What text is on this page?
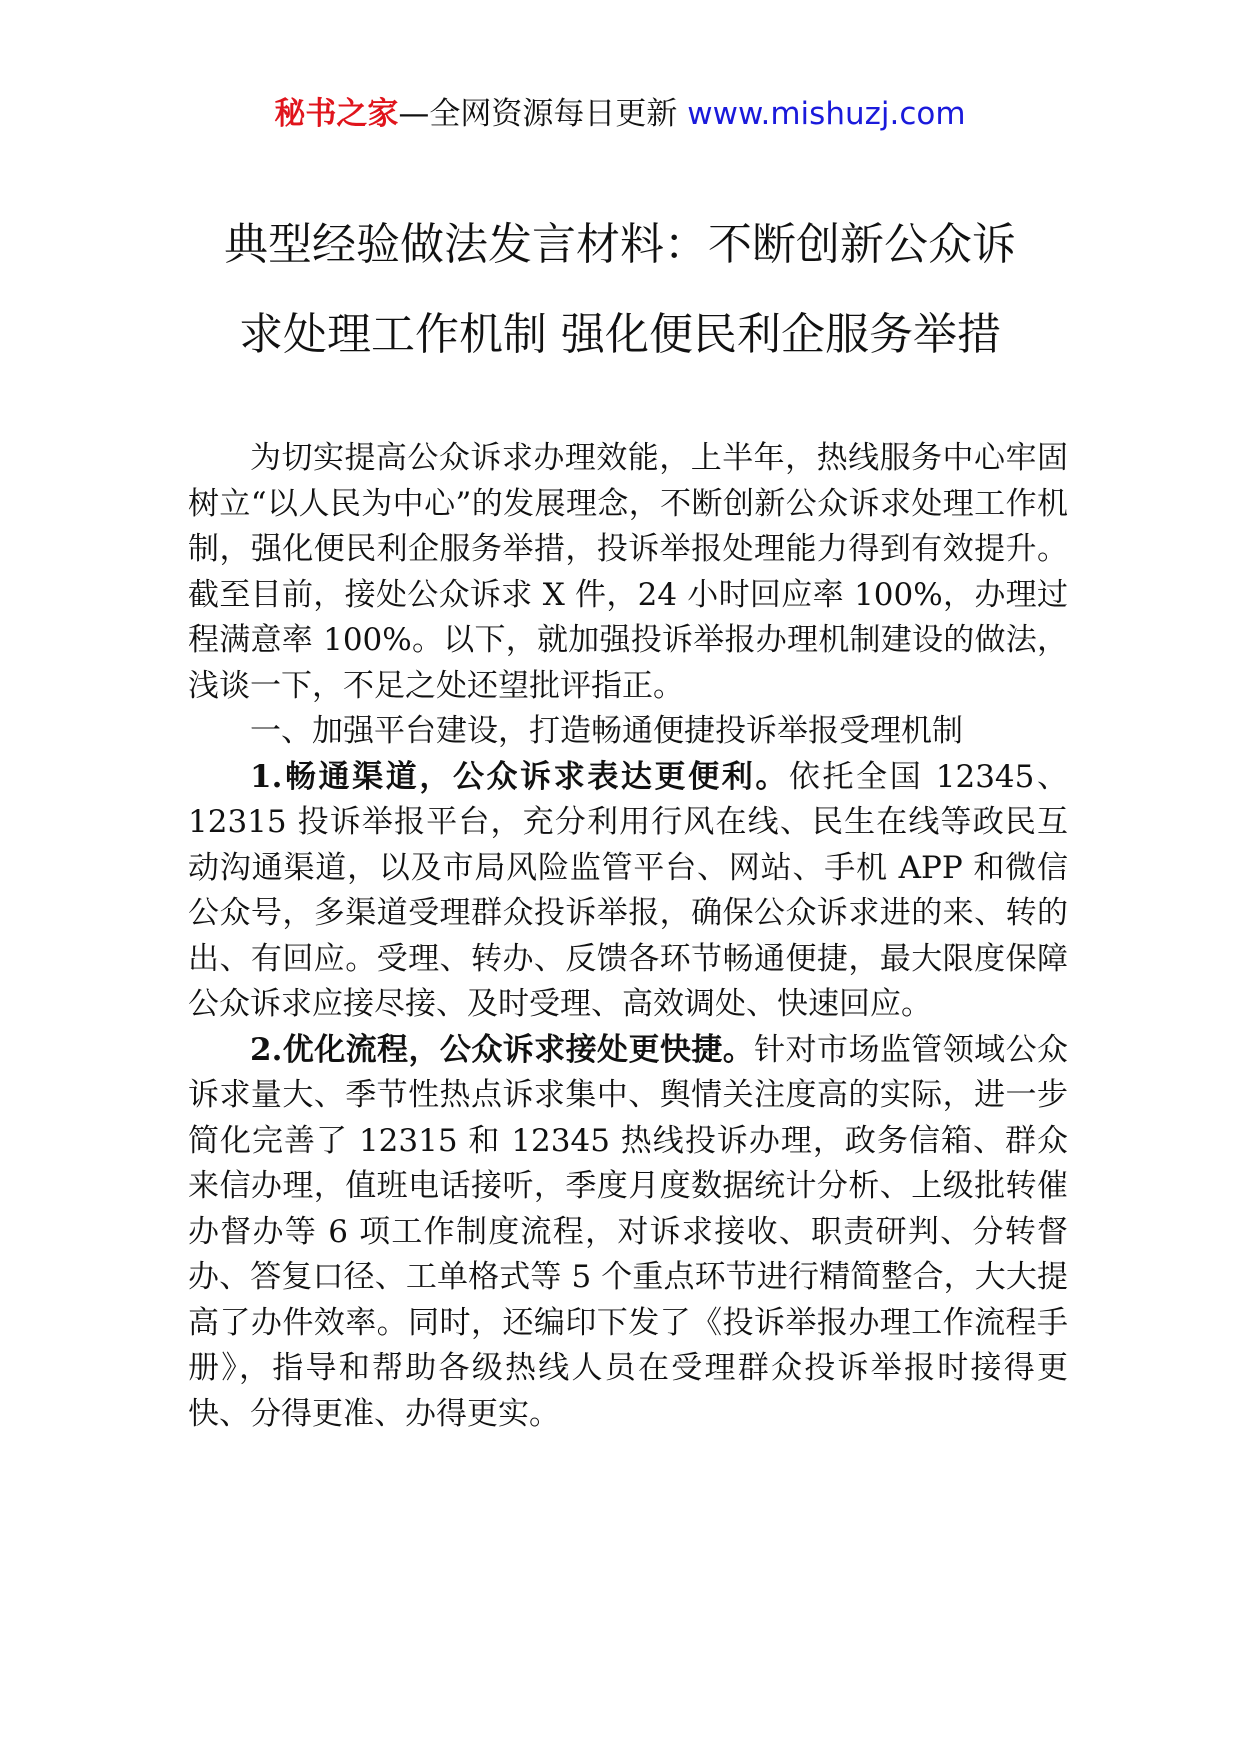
秘书之家—全网资源每日更新 www.mishuzj.com
典型经验做法发言材料：不断创新公众诉
求处理工作机制 强化便民利企服务举措

为切实提高公众诉求办理效能，上半年，热线服务中心牢固树立“以人民为中心”的发展理念，不断创新公众诉求处理工作机制，强化便民利企服务举措，投诉举报处理能力得到有效提升。截至目前，接处公众诉求 X 件，24 小时回应率 100%，办理过程满意率 100%。以下，就加强投诉举报办理机制建设的做法，浅谈一下，不足之处还望批评指正。

一、加强平台建设，打造畅通便捷投诉举报受理机制

1.畅通渠道，公众诉求表达更便利。依托全国 12345、12315 投诉举报平台，充分利用行风在线、民生在线等政民互动沟通渠道，以及市局风险监管平台、网站、手机 APP 和微信公众号，多渠道受理群众投诉举报，确保公众诉求进的来、转的出、有回应。受理、转办、反馈各环节畅通便捷，最大限度保障公众诉求应接尽接、及时受理、高效调处、快速回应。

2.优化流程，公众诉求接处更快捷。针对市场监管领域公众诉求量大、季节性热点诉求集中、舆情关注度高的实际，进一步简化完善了 12315 和 12345 热线投诉办理，政务信箱、群众来信办理，值班电话接听，季度月度数据统计分析、上级批转催办督办等 6 项工作制度流程，对诉求接收、职责研判、分转督办、答复口径、工单格式等 5 个重点环节进行精简整合，大大提高了办件效率。同时，还编印下发了《投诉举报办理工作流程手册》，指导和帮助各级热线人员在受理群众投诉举报时接得更快、分得更准、办得更实。
